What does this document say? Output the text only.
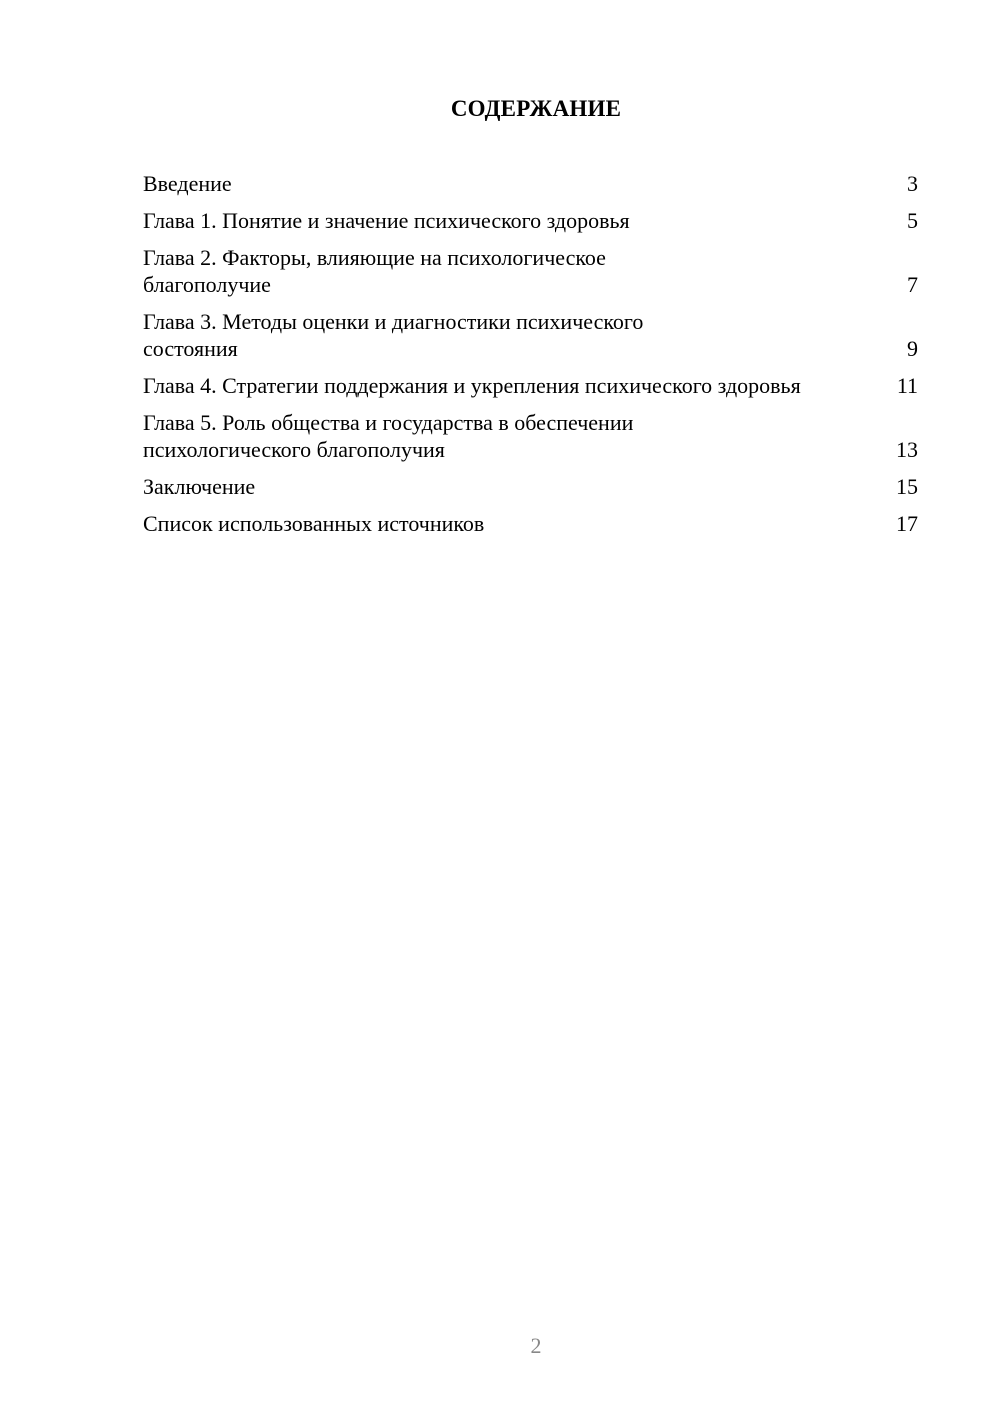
СОДЕРЖАНИЕ
Введение	3
Глава 1. Понятие и значение психического здоровья	5
Глава 2. Факторы, влияющие на психологическое благополучие	7
Глава 3. Методы оценки и диагностики психического состояния	9
Глава 4. Стратегии поддержания и укрепления психического здоровья	11
Глава 5. Роль общества и государства в обеспечении психологического благополучия	13
Заключение	15
Список использованных источников	17
2
